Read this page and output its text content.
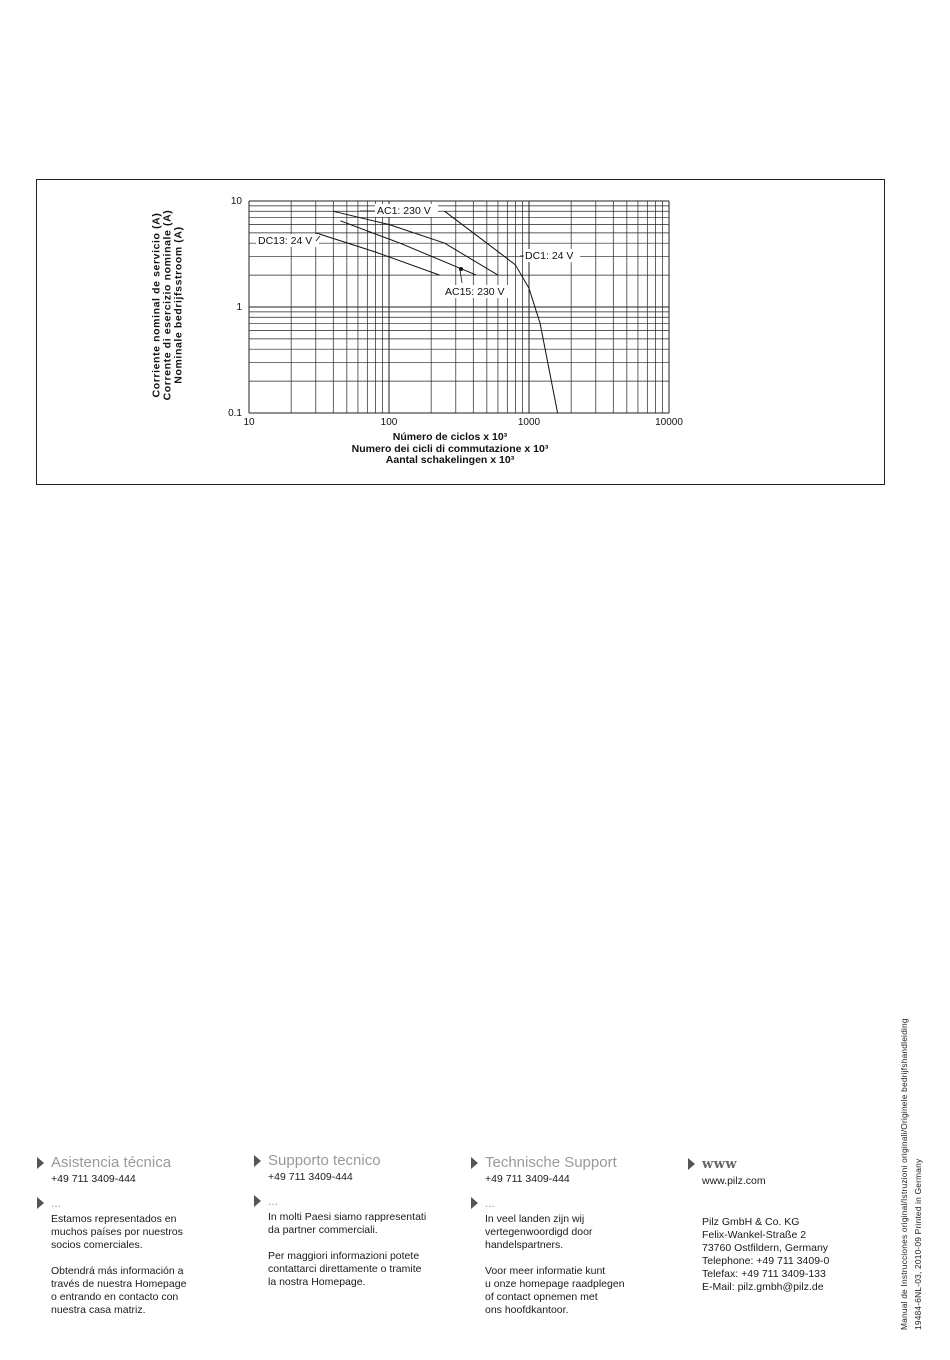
10	100	1000	10000
10
1
0.1
AC1: 230 V
DC13: 24 V
DC1: 24 V
AC15: 230 V
Corriente nominal de servicio (A) Corrente di esercizio nominale (A) Nominale bedrijfsstroom (A)
Número de ciclos x 10³
Numero dei cicli di commutazione x 10³
Aantal schakelingen x 10³
Asistencia técnica
+49 711 3409-444
...
Estamos representados en
muchos países por nuestros
socios comerciales.
Obtendrá más información a
través de nuestra Homepage
o entrando en contacto con
nuestra casa matriz.
Supporto tecnico
+49 711 3409-444
...
In molti Paesi siamo rappresentati
da partner commerciali.
Per maggiori informazioni potete
contattarci direttamente o tramite
la nostra Homepage.
Technische Support
+49 711 3409-444
...
In veel landen zijn wij
vertegenwoordigd door
handelspartners.
Voor meer informatie kunt
u onze homepage raadplegen
of contact opnemen met
ons hoofdkantoor.
www
www.pilz.com
Pilz GmbH & Co. KG
Felix-Wankel-Straße 2
73760 Ostfildern, Germany
Telephone: +49 711 3409-0
Telefax: +49 711 3409-133
E-Mail: pilz.gmbh@pilz.de	Manual de Instrucciones original/Istruzioni originali/Originele bedrijfshandleiding 19484-6NL-03, 2010-09 Printed in Germany
